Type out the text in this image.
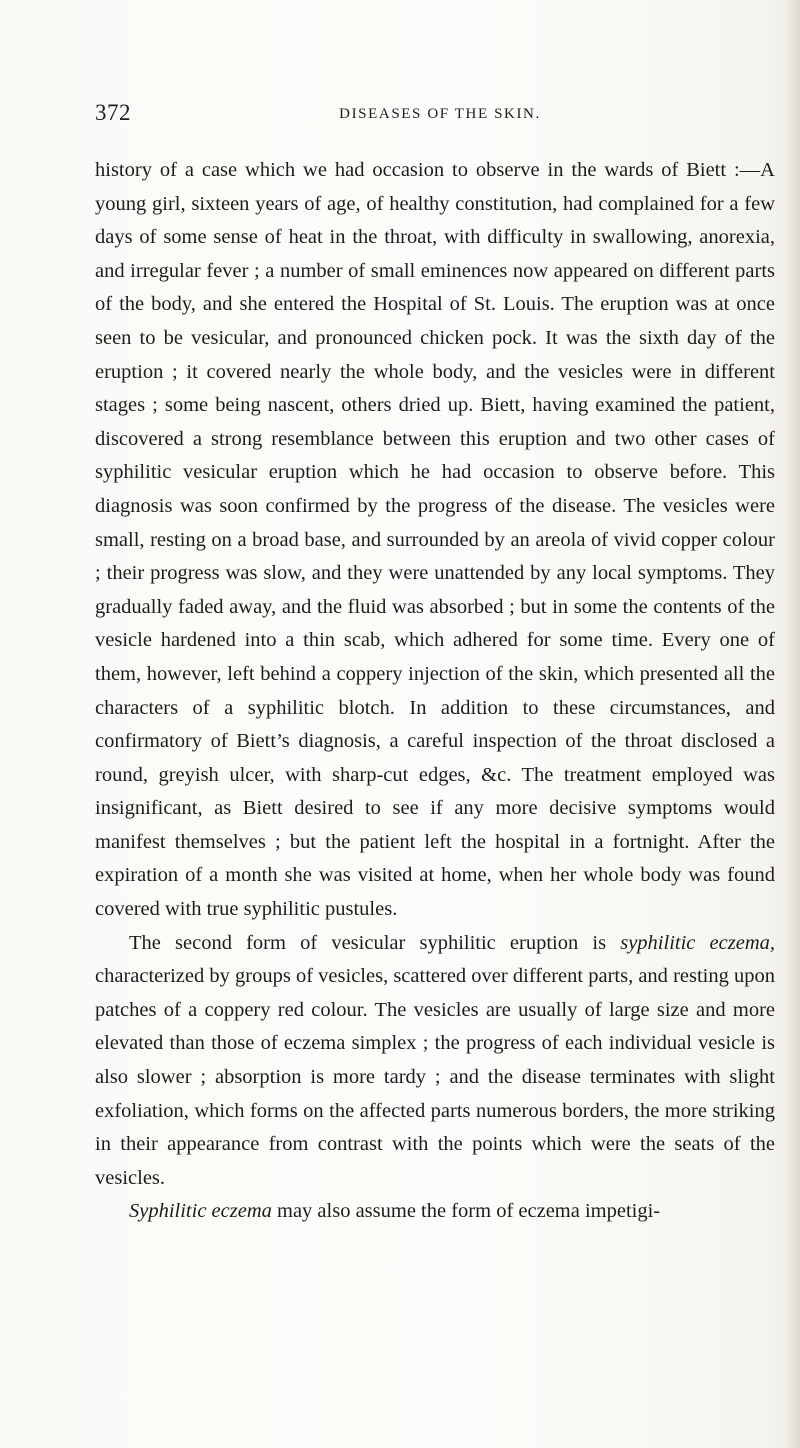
372	DISEASES OF THE SKIN.

history of a case which we had occasion to observe in the wards of Biett :—A young girl, sixteen years of age, of healthy constitution, had complained for a few days of some sense of heat in the throat, with difficulty in swallowing, anorexia, and irregular fever ; a number of small eminences now appeared on different parts of the body, and she entered the Hospital of St. Louis. The eruption was at once seen to be vesicular, and pronounced chicken pock. It was the sixth day of the eruption ; it covered nearly the whole body, and the vesicles were in different stages ; some being nascent, others dried up. Biett, having examined the patient, discovered a strong resemblance between this eruption and two other cases of syphilitic vesicular eruption which he had occasion to observe before. This diagnosis was soon confirmed by the progress of the disease. The vesicles were small, resting on a broad base, and surrounded by an areola of vivid copper colour ; their progress was slow, and they were unattended by any local symptoms. They gradually faded away, and the fluid was absorbed ; but in some the contents of the vesicle hardened into a thin scab, which adhered for some time. Every one of them, however, left behind a coppery injection of the skin, which presented all the characters of a syphilitic blotch. In addition to these circumstances, and confirmatory of Biett’s diagnosis, a careful inspection of the throat disclosed a round, greyish ulcer, with sharp-cut edges, &c. The treatment employed was insignificant, as Biett desired to see if any more decisive symptoms would manifest themselves ; but the patient left the hospital in a fortnight. After the expiration of a month she was visited at home, when her whole body was found covered with true syphilitic pustules.

The second form of vesicular syphilitic eruption is syphilitic eczema, characterized by groups of vesicles, scattered over different parts, and resting upon patches of a coppery red colour. The vesicles are usually of large size and more elevated than those of eczema simplex ; the progress of each individual vesicle is also slower ; absorption is more tardy ; and the disease terminates with slight exfoliation, which forms on the affected parts numerous borders, the more striking in their appearance from contrast with the points which were the seats of the vesicles.

Syphilitic eczema may also assume the form of eczema impetigi-
